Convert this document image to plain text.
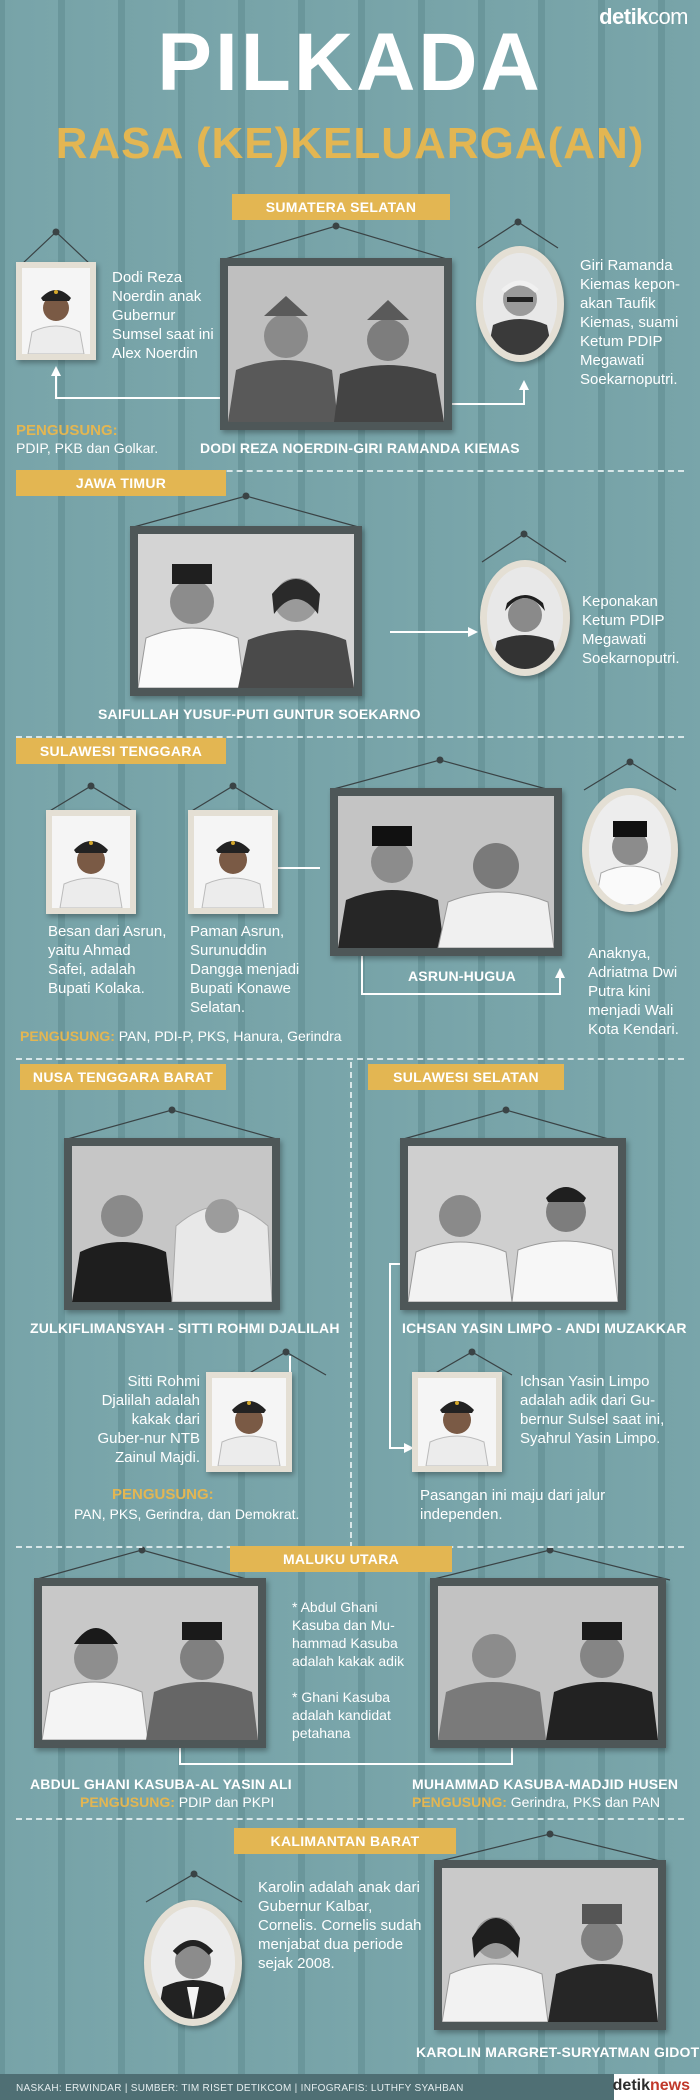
detikcom
PILKADA
RASA (KE)KELUARGA(AN)
SUMATERA SELATAN
Dodi Reza Noerdin anak Gubernur Sumsel saat ini Alex Noerdin
Giri Ramanda Kiemas kepon-akan Taufik Kiemas, suami Ketum PDIP Megawati Soekarnoputri.
PENGUSUNG:
PDIP, PKB dan Golkar.	DODI REZA NOERDIN-GIRI RAMANDA KIEMAS
JAWA TIMUR
Keponakan Ketum PDIP Megawati Soekarnoputri.
SAIFULLAH YUSUF-PUTI GUNTUR SOEKARNO
SULAWESI TENGGARA
Besan dari Asrun, yaitu Ahmad Safei, adalah Bupati Kolaka.
Paman Asrun, Surunuddin Dangga menjadi Bupati Konawe Selatan.
ASRUN-HUGUA
Anaknya, Adriatma Dwi Putra kini menjadi Wali Kota Kendari.
PENGUSUNG: PAN, PDI-P, PKS, Hanura, Gerindra
NUSA TENGGARA BARAT
ZULKIFLIMANSYAH - SITTI ROHMI DJALILAH
Sitti Rohmi Djalilah adalah kakak dari Guber-nur NTB Zainul Majdi.
PENGUSUNG:
PAN, PKS, Gerindra, dan Demokrat.
SULAWESI SELATAN
ICHSAN YASIN LIMPO - ANDI MUZAKKAR
Ichsan Yasin Limpo adalah adik dari Gu-bernur Sulsel saat ini, Syahrul Yasin Limpo.
Pasangan ini maju dari jalur independen.
MALUKU UTARA
* Abdul Ghani Kasuba dan Mu-hammad Kasuba adalah kakak adik
* Ghani Kasuba adalah kandidat petahana
ABDUL GHANI KASUBA-AL YASIN ALI
PENGUSUNG: PDIP dan PKPI
MUHAMMAD KASUBA-MADJID HUSEN
PENGUSUNG: Gerindra, PKS dan PAN
KALIMANTAN BARAT
Karolin adalah anak dari Gubernur Kalbar, Cornelis. Cornelis sudah menjabat dua periode sejak 2008.
KAROLIN MARGRET-SURYATMAN GIDOT
NASKAH: ERWINDAR | SUMBER: TIM RISET DETIKCOM | INFOGRAFIS: LUTHFY SYAHBAN	detiknews
